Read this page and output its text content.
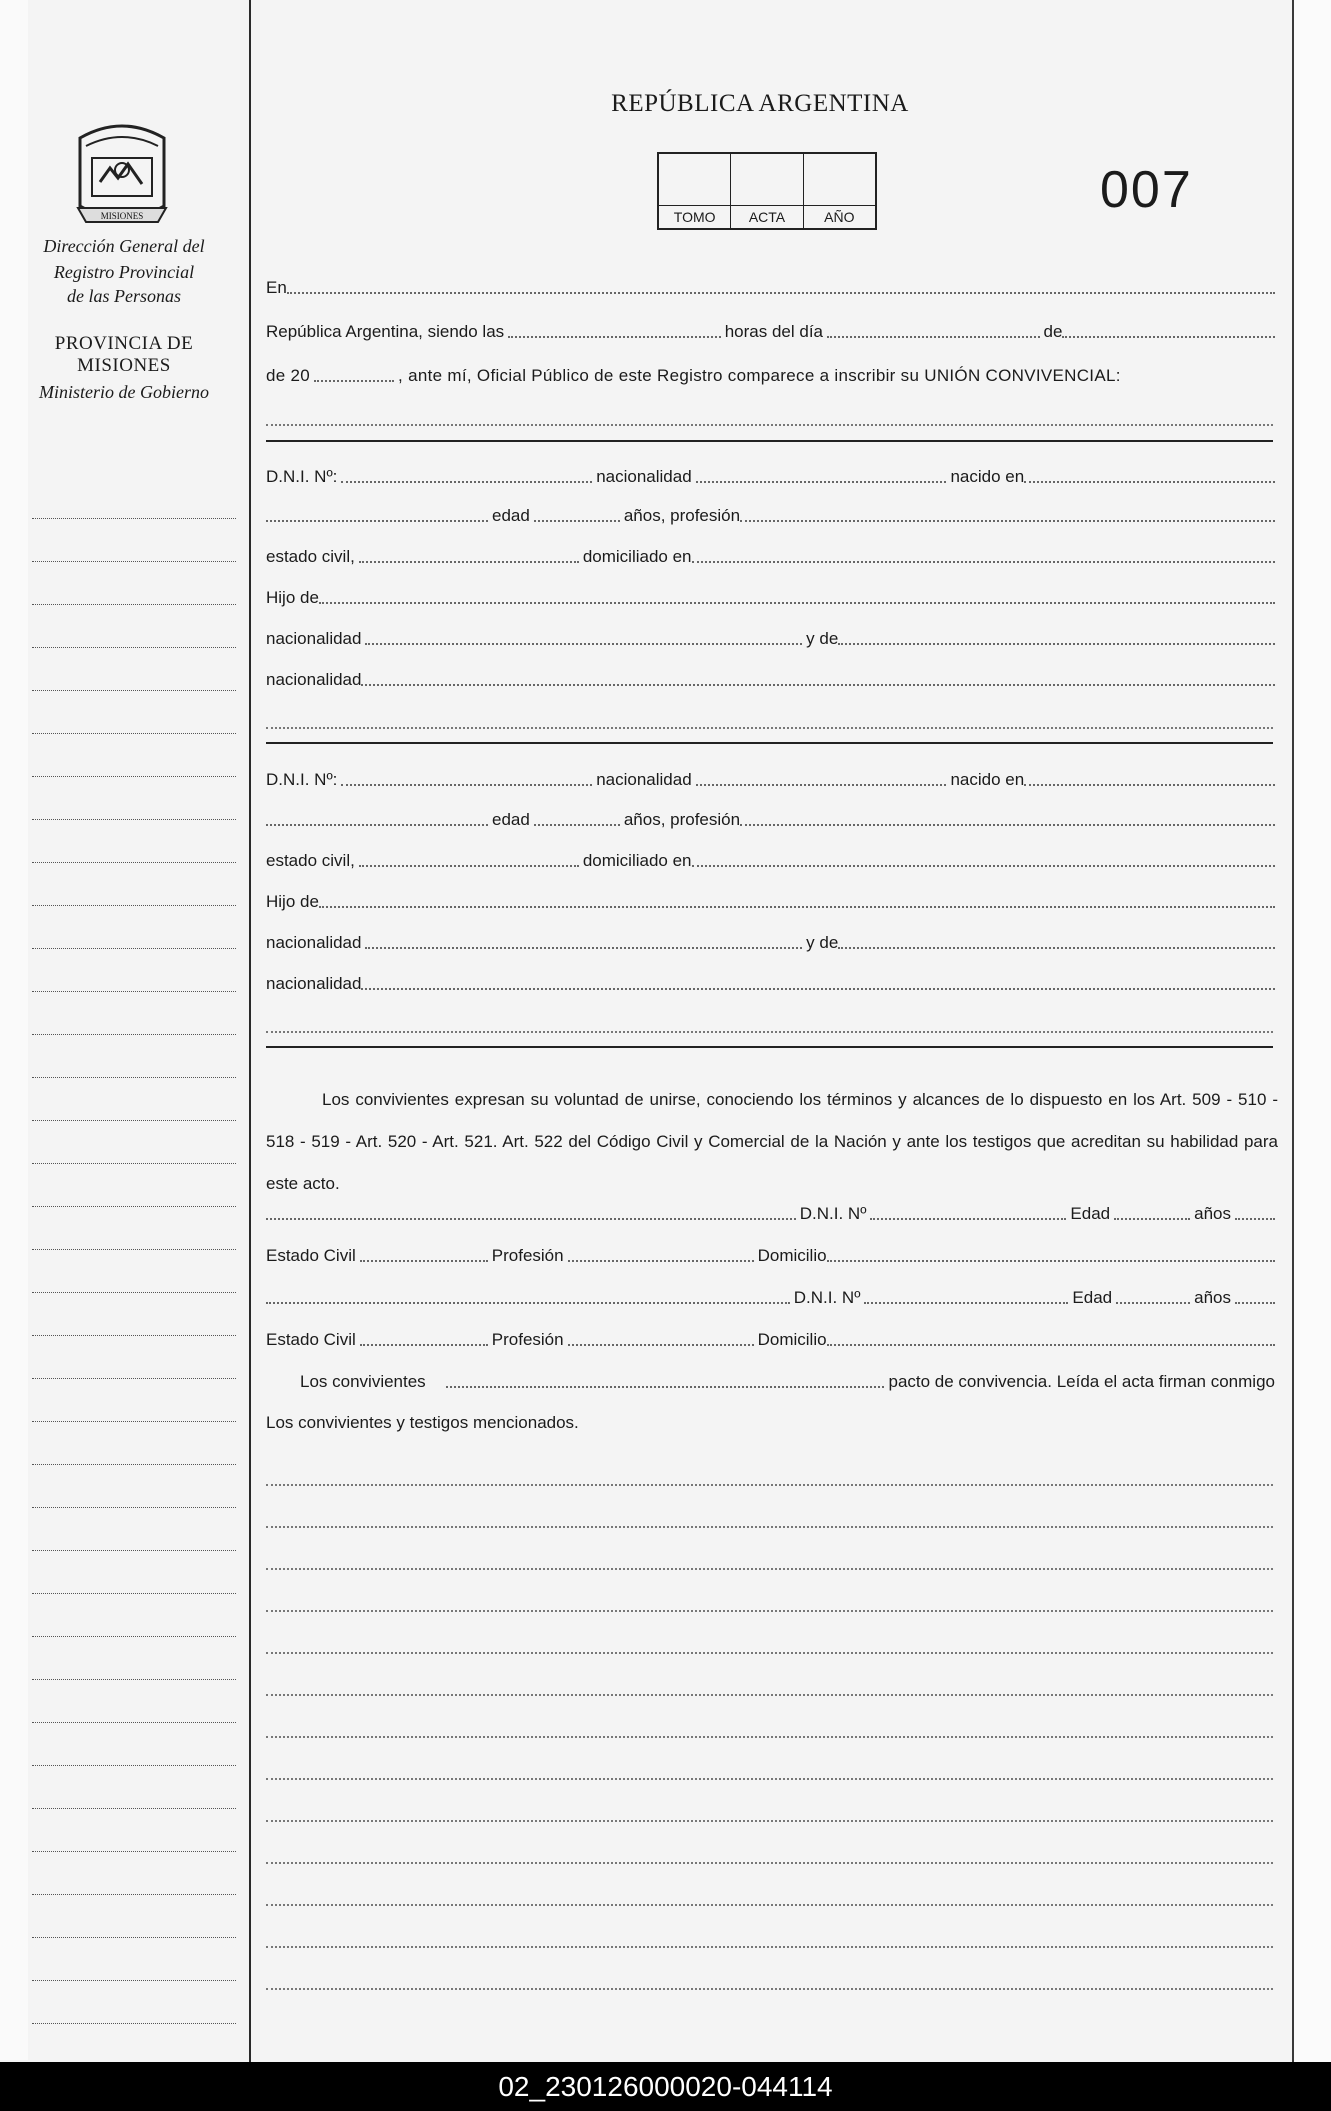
MISIONES
Dirección General del
Registro Provincial
de las Personas
PROVINCIA DE
MISIONES
Ministerio de Gobierno
REPÚBLICA ARGENTINA
TOMO	ACTA	AÑO	007
En
República Argentina, siendo las	horas del día	de
de 20	, ante mí, Oficial Público de este Registro comparece a inscribir su UNIÓN CONVIVENCIAL:
D.N.I. Nº:	nacionalidad	nacido en
edad	años, profesión
estado civil,	domiciliado en
Hijo de
nacionalidad	y de
nacionalidad
D.N.I. Nº:	nacionalidad	nacido en
edad	años, profesión
estado civil,	domiciliado en
Hijo de
nacionalidad	y de
nacionalidad
Los convivientes expresan su voluntad de unirse, conociendo los términos y alcances de lo dispuesto en los Art. 509 - 510 - 518 - 519 - Art. 520 - Art. 521. Art. 522 del Código Civil y Comercial de la Nación y ante los testigos que acreditan su habilidad para este acto.
D.N.I. Nº	Edad	años
Estado Civil	Profesión	Domicilio
D.N.I. Nº	Edad	años
Estado Civil	Profesión	Domicilio
Los convivientes	pacto de convivencia. Leída el acta firman conmigo
Los convivientes y testigos mencionados.
02_230126000020-044114
